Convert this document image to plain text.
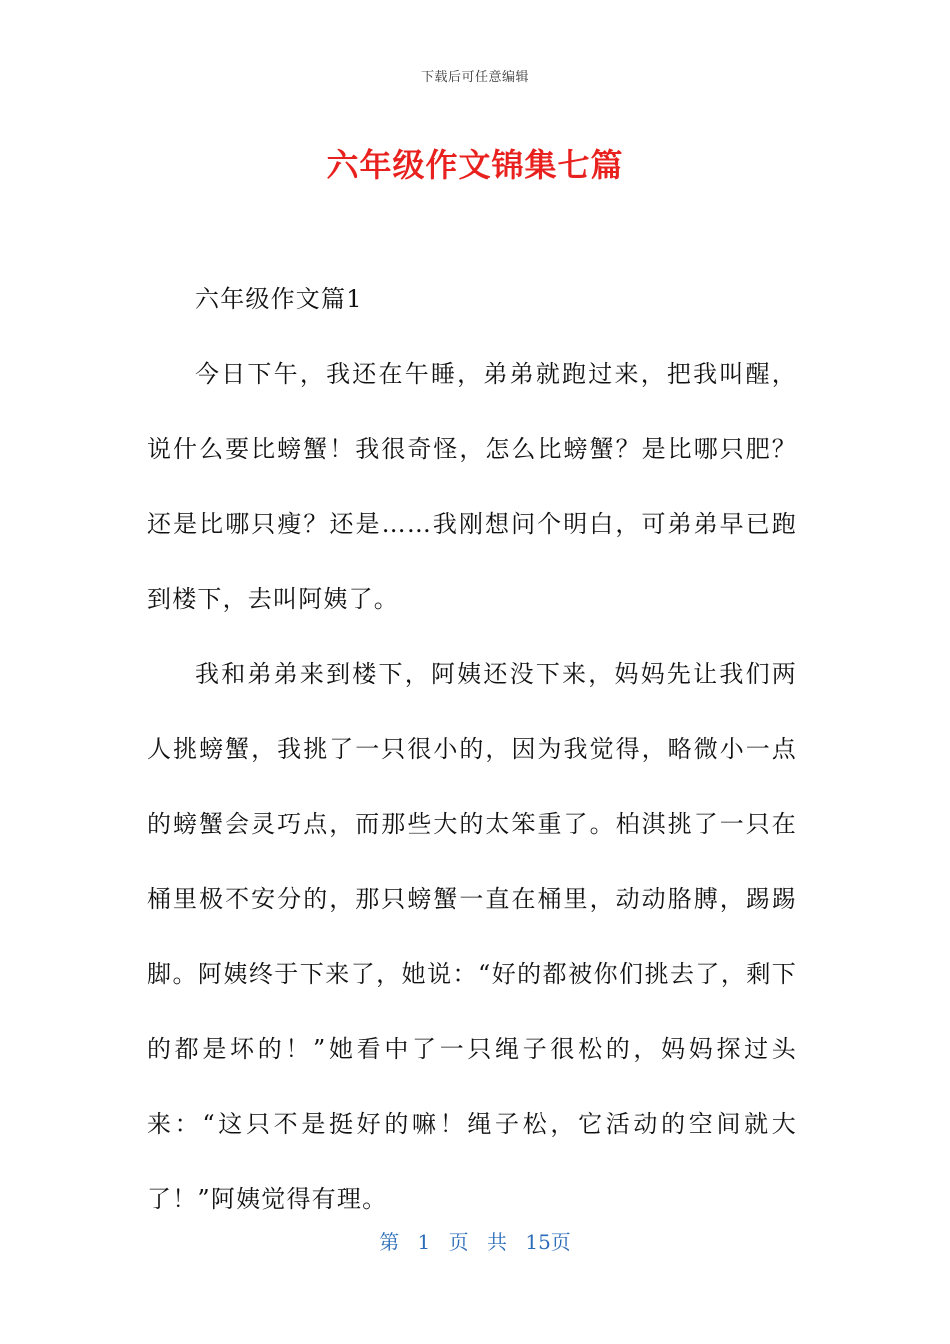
下载后可任意编辑
六年级作文锦集七篇

六年级作文篇1

今日下午，我还在午睡，弟弟就跑过来，把我叫醒，说什么要比螃蟹！我很奇怪，怎么比螃蟹？是比哪只肥？还是比哪只瘦？还是……我刚想问个明白，可弟弟早已跑到楼下，去叫阿姨了。

我和弟弟来到楼下，阿姨还没下来，妈妈先让我们两人挑螃蟹，我挑了一只很小的，因为我觉得，略微小一点的螃蟹会灵巧点，而那些大的太笨重了。柏淇挑了一只在桶里极不安分的，那只螃蟹一直在桶里，动动胳膊，踢踢脚。阿姨终于下来了，她说：“好的都被你们挑去了，剩下的都是坏的！”她看中了一只绳子很松的，妈妈探过头来：“这只不是挺好的嘛！绳子松，它活动的空间就大了！”阿姨觉得有理。

第 1 页 共 15页
